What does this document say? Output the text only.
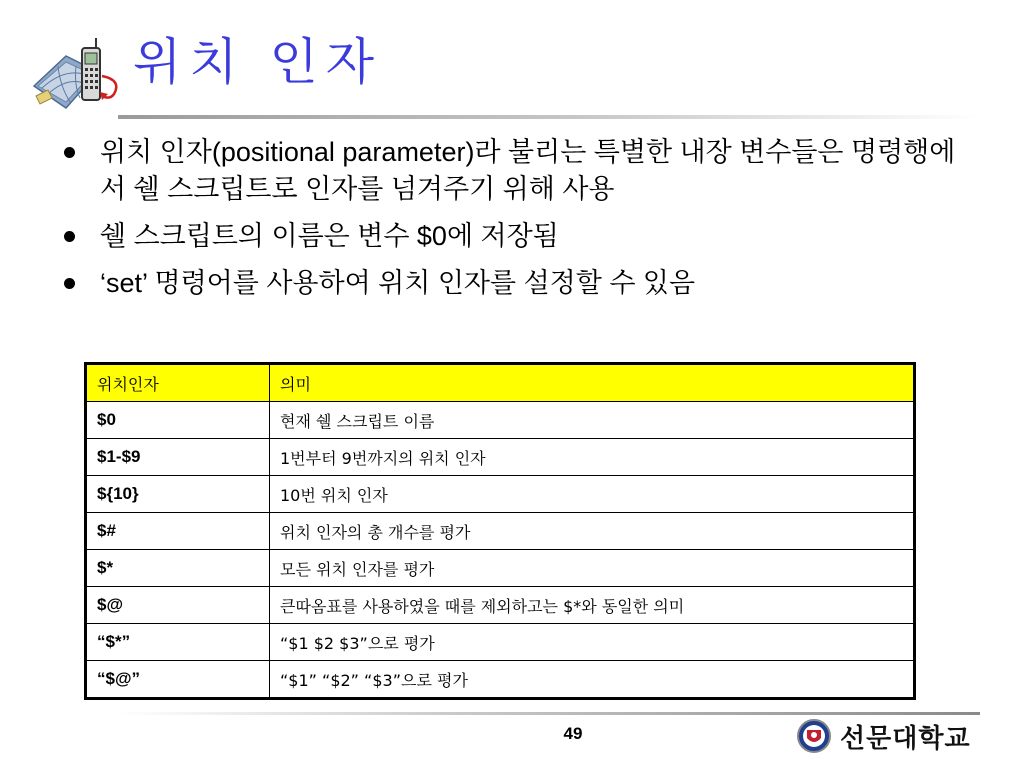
위치 인자
위치 인자(positional parameter)라 불리는 특별한 내장 변수들은 명령행에서 쉘 스크립트로 인자를 넘겨주기 위해 사용
쉘 스크립트의 이름은 변수 $0에 저장됨
‘set’ 명령어를 사용하여 위치 인자를 설정할 수 있음
위치인자	의미
$0	현재 쉘 스크립트 이름
$1-$9	1번부터 9번까지의 위치 인자
${10}	10번 위치 인자
$#	위치 인자의 총 개수를 평가
$*	모든 위치 인자를 평가
$@	큰따옴표를 사용하였을 때를 제외하고는 $*와 동일한 의미
“$*”	“$1 $2 $3”으로 평가
“$@”	“$1” “$2” “$3”으로 평가
49	선문대학교
